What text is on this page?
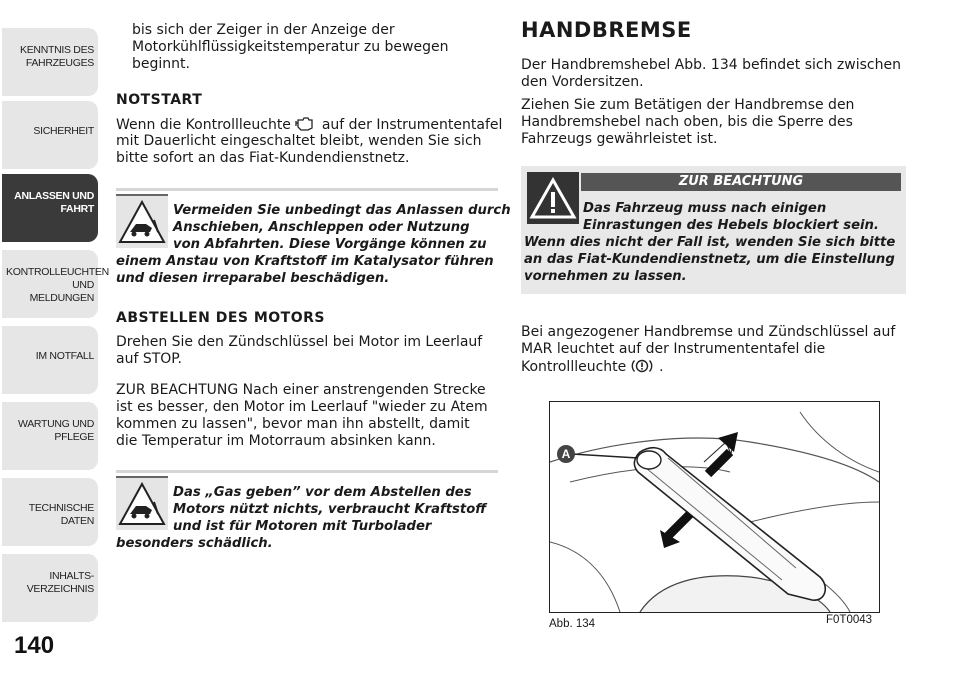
KENNTNIS DES
FAHRZEUGES
SICHERHEIT
ANLASSEN UND
FAHRT
KONTROLLEUCHTEN
UND MELDUNGEN
IM NOTFALL
WARTUNG UND
PFLEGE
TECHNISCHE DATEN
INHALTS-
VERZEICHNIS
140
bis sich der Zeiger in der Anzeige der
Motorkühlflüssigkeitstemperatur zu bewegen
beginnt.
NOTSTART
Wenn die Kontrollleuchte auf der Instrumententafel
mit Dauerlicht eingeschaltet bleibt, wenden Sie sich
bitte sofort an das Fiat-Kundendienstnetz.
Vermeiden Sie unbedingt das Anlassen durch
Anschieben, Anschleppen oder Nutzung
von Abfahrten. Diese Vorgänge können zu
einem Anstau von Kraftstoff im Katalysator führen
und diesen irreparabel beschädigen.
ABSTELLEN DES MOTORS
Drehen Sie den Zündschlüssel bei Motor im Leerlauf
auf STOP.
ZUR BEACHTUNG Nach einer anstrengenden Strecke
ist es besser, den Motor im Leerlauf "wieder zu Atem
kommen zu lassen", bevor man ihn abstellt, damit
die Temperatur im Motorraum absinken kann.
Das „Gas geben” vor dem Abstellen des
Motors nützt nichts, verbraucht Kraftstoff
und ist für Motoren mit Turbolader
besonders schädlich.
HANDBREMSE
Der Handbremshebel Abb. 134 befindet sich zwischen
den Vordersitzen.
Ziehen Sie zum Betätigen der Handbremse den
Handbremshebel nach oben, bis die Sperre des
Fahrzeugs gewährleistet ist.
ZUR BEACHTUNG
Das Fahrzeug muss nach einigen
Einrastungen des Hebels blockiert sein.
Wenn dies nicht der Fall ist, wenden Sie sich bitte
an das Fiat-Kundendienstnetz, um die Einstellung
vornehmen zu lassen.
Bei angezogener Handbremse und Zündschlüssel auf
MAR leuchtet auf der Instrumententafel die
Kontrollleuchte .
A
Abb. 134	F0T0043
